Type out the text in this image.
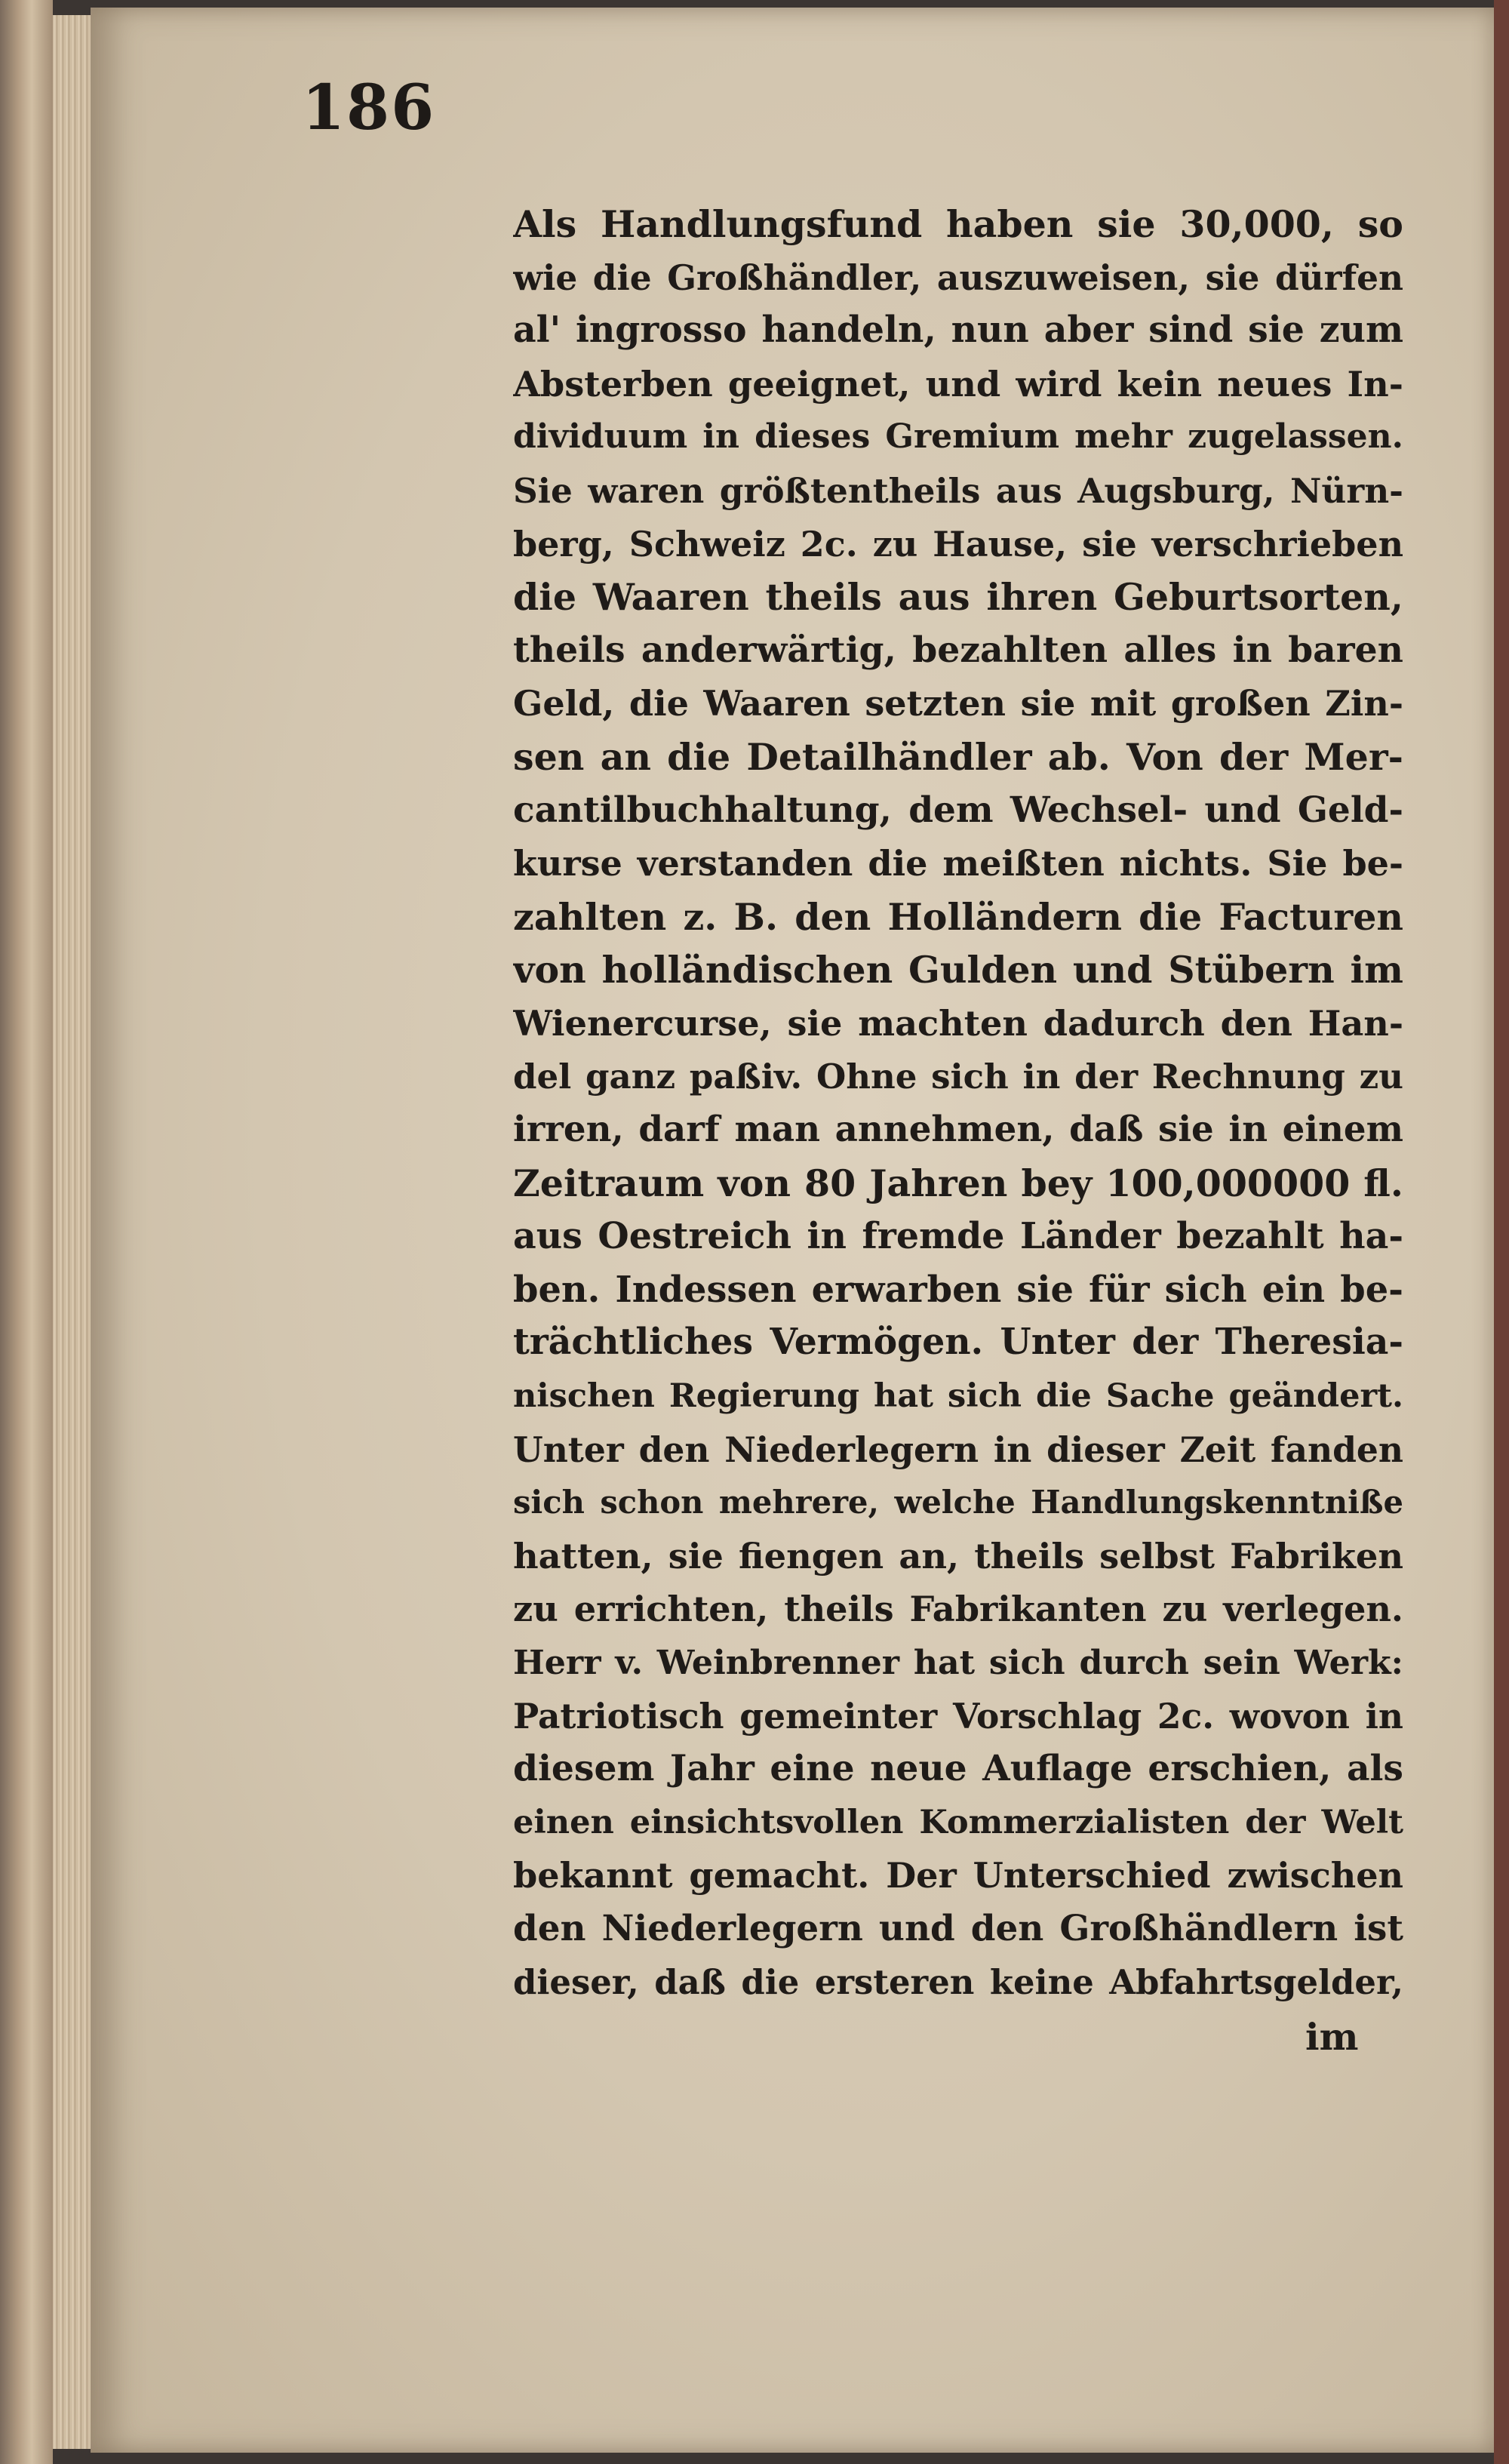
186
Als Handlungsfund haben sie 30,000, so
wie die Großhändler, auszuweisen, sie dürfen
al' ingrosso handeln, nun aber sind sie zum
Absterben geeignet, und wird kein neues In-
dividuum in dieses Gremium mehr zugelassen.
Sie waren größtentheils aus Augsburg, Nürn-
berg, Schweiz 2c. zu Hause, sie verschrieben
die Waaren theils aus ihren Geburtsorten,
theils anderwärtig, bezahlten alles in baren
Geld, die Waaren setzten sie mit großen Zin-
sen an die Detailhändler ab. Von der Mer-
cantilbuchhaltung, dem Wechsel- und Geld-
kurse verstanden die meißten nichts. Sie be-
zahlten z. B. den Holländern die Facturen
von holländischen Gulden und Stübern im
Wienercurse, sie machten dadurch den Han-
del ganz paßiv. Ohne sich in der Rechnung zu
irren, darf man annehmen, daß sie in einem
Zeitraum von 80 Jahren bey 100,000000 fl.
aus Oestreich in fremde Länder bezahlt ha-
ben. Indessen erwarben sie für sich ein be-
trächtliches Vermögen. Unter der Theresia-
nischen Regierung hat sich die Sache geändert.
Unter den Niederlegern in dieser Zeit fanden
sich schon mehrere, welche Handlungskenntniße
hatten, sie fiengen an, theils selbst Fabriken
zu errichten, theils Fabrikanten zu verlegen.
Herr v. Weinbrenner hat sich durch sein Werk:
Patriotisch gemeinter Vorschlag 2c. wovon in
diesem Jahr eine neue Auflage erschien, als
einen einsichtsvollen Kommerzialisten der Welt
bekannt gemacht. Der Unterschied zwischen
den Niederlegern und den Großhändlern ist
dieser, daß die ersteren keine Abfahrtsgelder,
im
